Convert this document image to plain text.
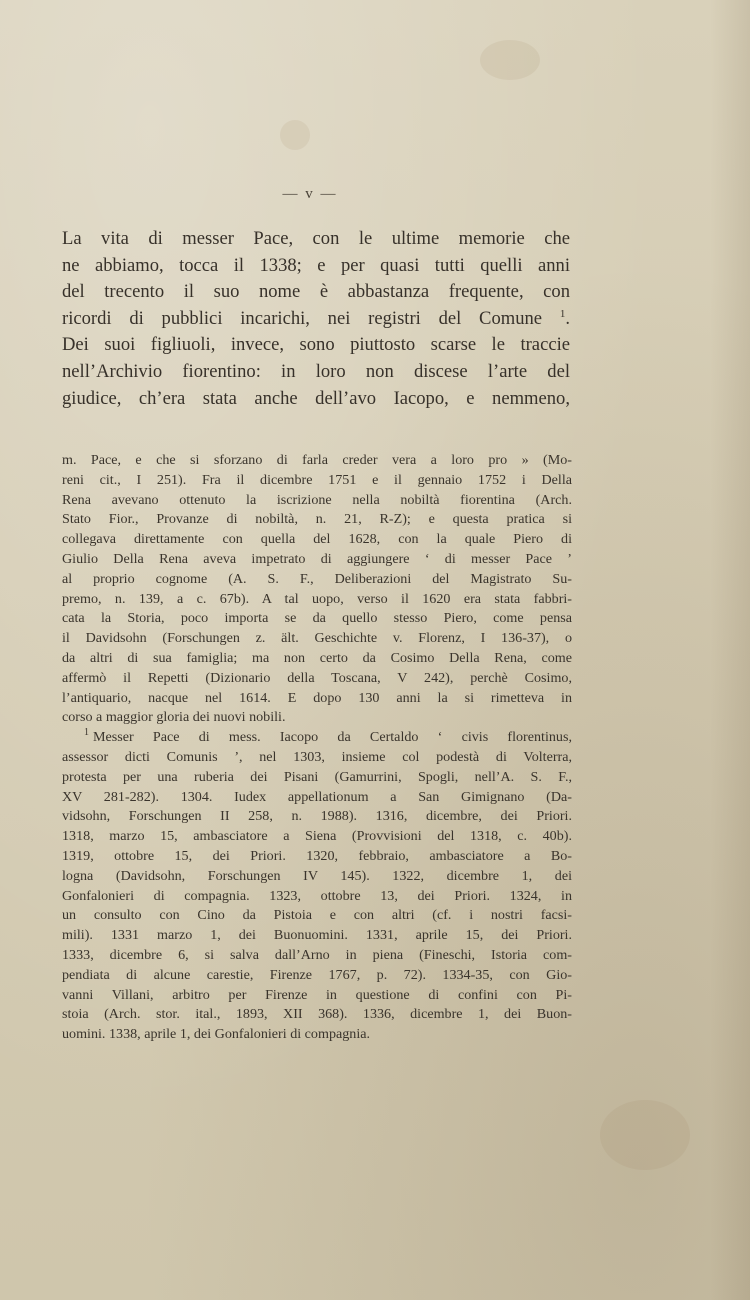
— v —

La vita di messer Pace, con le ultime memorie che
ne abbiamo, tocca il 1338; e per quasi tutti quelli anni
del trecento il suo nome è abbastanza frequente, con
ricordi di pubblici incarichi, nei registri del Comune $^1$.
Dei suoi figliuoli, invece, sono piuttosto scarse le traccie
nell’Archivio fiorentino: in loro non discese l’arte del
giudice, ch’era stata anche dell’avo Iacopo, e nemmeno,

m. Pace, e che si sforzano di farla creder vera a loro pro » (Mo-
reni cit., I 251). Fra il dicembre 1751 e il gennaio 1752 i Della
Rena avevano ottenuto la iscrizione nella nobiltà fiorentina (Arch.
Stato Fior., Provanze di nobiltà, n. 21, R-Z); e questa pratica si
collegava direttamente con quella del 1628, con la quale Piero di
Giulio Della Rena aveva impetrato di aggiungere ‘ di messer Pace ’
al proprio cognome (A. S. F., Deliberazioni del Magistrato Su-
premo, n. 139, a c. 67b). A tal uopo, verso il 1620 era stata fabbri-
cata la Storia, poco importa se da quello stesso Piero, come pensa
il Davidsohn (Forschungen z. ält. Geschichte v. Florenz, I 136-37), o
da altri di sua famiglia; ma non certo da Cosimo Della Rena, come
affermò il Repetti (Dizionario della Toscana, V 242), perchè Cosimo,
l’antiquario, nacque nel 1614. E dopo 130 anni la si rimetteva in
corso a maggior gloria dei nuovi nobili.
$^1$ Messer Pace di mess. Iacopo da Certaldo ‘ civis florentinus,
assessor dicti Comunis ’, nel 1303, insieme col podestà di Volterra,
protesta per una ruberia dei Pisani (Gamurrini, Spogli, nell’A. S. F.,
XV 281-282). 1304. Iudex appellationum a San Gimignano (Da-
vidsohn, Forschungen II 258, n. 1988). 1316, dicembre, dei Priori.
1318, marzo 15, ambasciatore a Siena (Provvisioni del 1318, c. 40b).
1319, ottobre 15, dei Priori. 1320, febbraio, ambasciatore a Bo-
logna (Davidsohn, Forschungen IV 145). 1322, dicembre 1, dei
Gonfalonieri di compagnia. 1323, ottobre 13, dei Priori. 1324, in
un consulto con Cino da Pistoia e con altri (cf. i nostri facsi-
mili). 1331 marzo 1, dei Buonuomini. 1331, aprile 15, dei Priori.
1333, dicembre 6, si salva dall’Arno in piena (Fineschi, Istoria com-
pendiata di alcune carestie, Firenze 1767, p. 72). 1334-35, con Gio-
vanni Villani, arbitro per Firenze in questione di confini con Pi-
stoia (Arch. stor. ital., 1893, XII 368). 1336, dicembre 1, dei Buon-
uomini. 1338, aprile 1, dei Gonfalonieri di compagnia.
